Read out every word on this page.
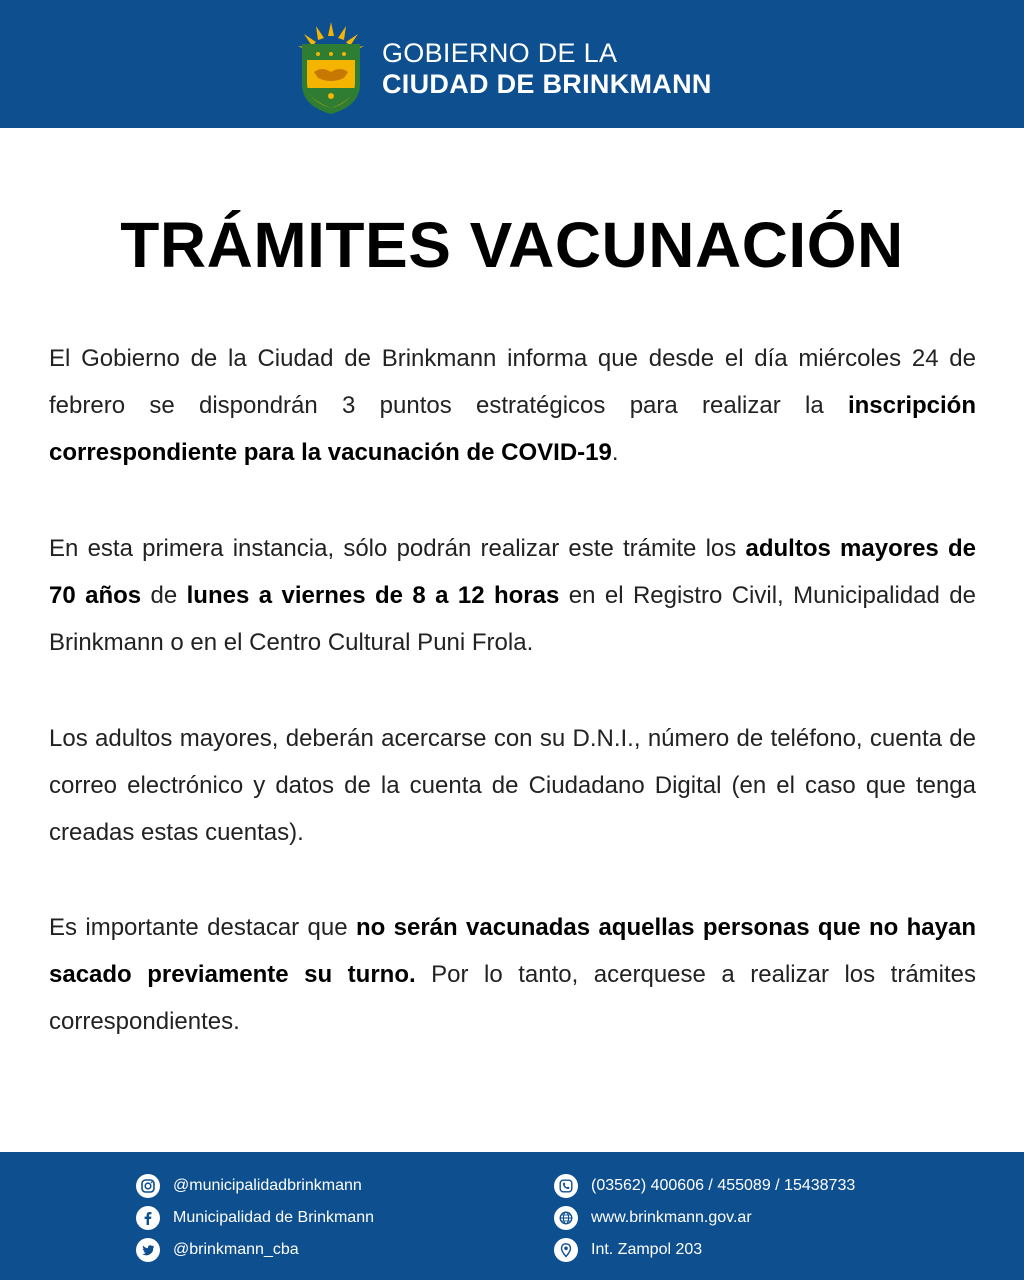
GOBIERNO DE LA
CIUDAD DE BRINKMANN
TRÁMITES VACUNACIÓN
El Gobierno de la Ciudad de Brinkmann informa que desde el día miércoles 24 de febrero se dispondrán 3 puntos estratégicos para realizar la inscripción correspondiente para la vacunación de COVID-19.
En esta primera instancia, sólo podrán realizar este trámite los adultos mayores de 70 años de lunes a viernes de 8 a 12 horas en el Registro Civil, Municipalidad de Brinkmann o en el Centro Cultural Puni Frola.
Los adultos mayores, deberán acercarse con su D.N.I., número de teléfono, cuenta de correo electrónico y datos de la cuenta de Ciudadano Digital (en el caso que tenga creadas estas cuentas).
Es importante destacar que no serán vacunadas aquellas personas que no hayan sacado previamente su turno. Por lo tanto, acerquese a realizar los trámites correspondientes.
@municipalidadbrinkmann
Municipalidad de Brinkmann
@brinkmann_cba
(03562) 400606 / 455089 / 15438733
www.brinkmann.gov.ar
Int. Zampol 203
